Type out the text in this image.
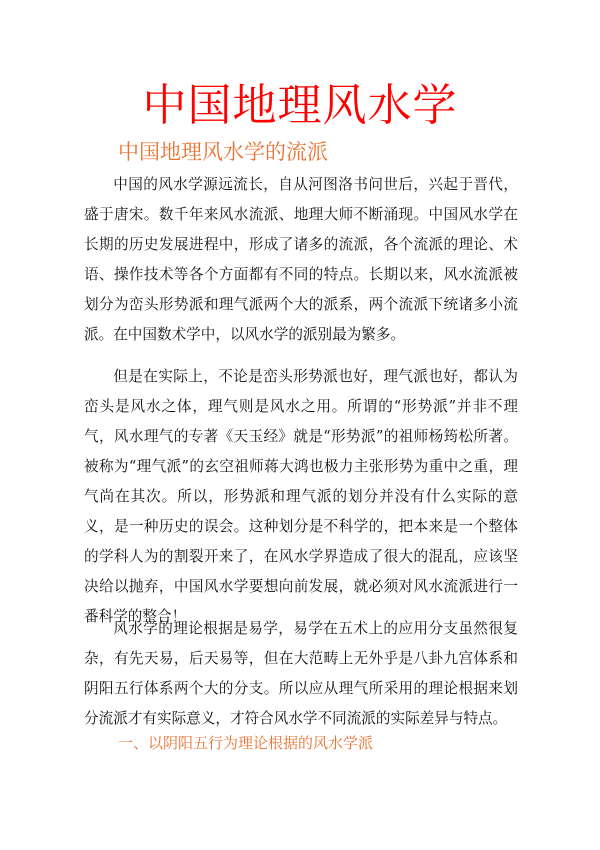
中国地理风水学
中国地理风水学的流派

中国的风水学源远流长，自从河图洛书问世后，兴起于晋代，盛于唐宋。数千年来风水流派、地理大师不断涌现。中国风水学在长期的历史发展进程中，形成了诸多的流派，各个流派的理论、术语、操作技术等各个方面都有不同的特点。长期以来，风水流派被划分为峦头形势派和理气派两个大的派系，两个流派下统诸多小流派。在中国数术学中，以风水学的派别最为繁多。

但是在实际上，不论是峦头形势派也好，理气派也好，都认为峦头是风水之体，理气则是风水之用。所谓的“形势派”并非不理气，风水理气的专著《天玉经》就是“形势派”的祖师杨筠松所著。被称为“理气派”的玄空祖师蒋大鸿也极力主张形势为重中之重，理气尚在其次。所以，形势派和理气派的划分并没有什么实际的意义，是一种历史的误会。这种划分是不科学的，把本来是一个整体的学科人为的割裂开来了，在风水学界造成了很大的混乱，应该坚决给以抛弃，中国风水学要想向前发展，就必须对风水流派进行一番科学的整合！

风水学的理论根据是易学，易学在五术上的应用分支虽然很复杂，有先天易，后天易等，但在大范畴上无外乎是八卦九宫体系和阴阳五行体系两个大的分支。所以应从理气所采用的理论根据来划分流派才有实际意义，才符合风水学不同流派的实际差异与特点。

一、以阴阳五行为理论根据的风水学派
